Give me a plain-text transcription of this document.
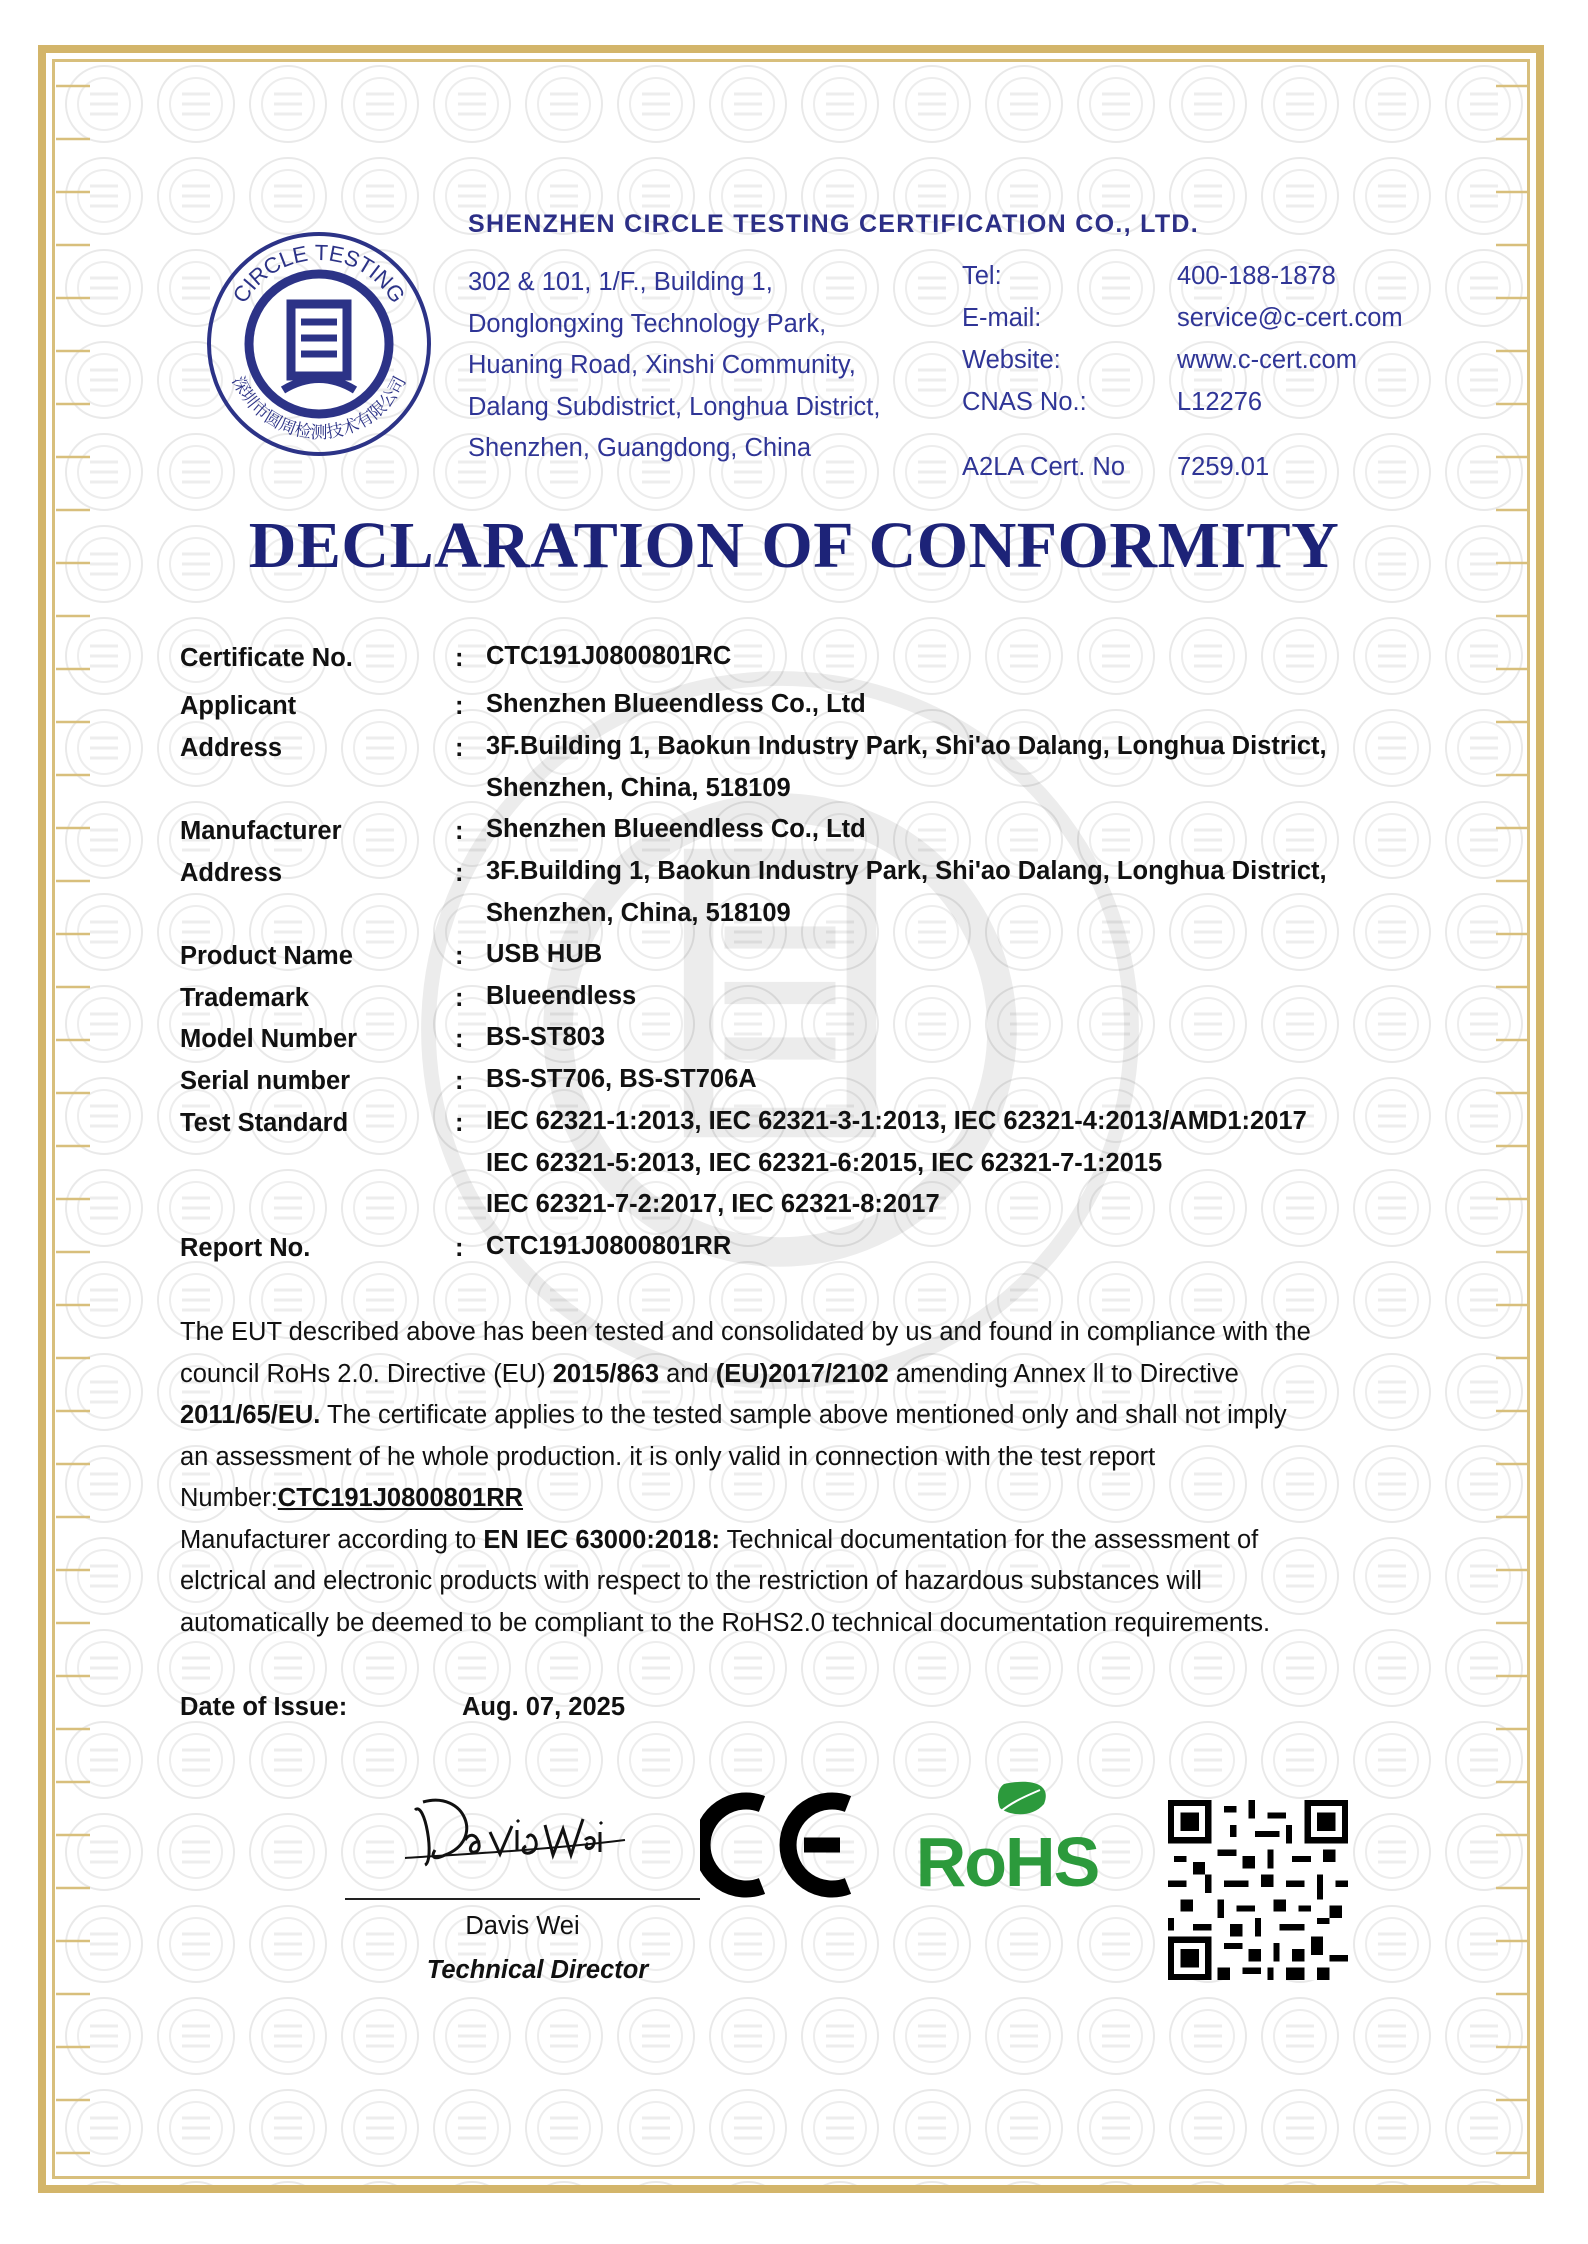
CIRCLE TESTING
深圳市圆周检测技术有限公司
SHENZHEN CIRCLE TESTING CERTIFICATION CO., LTD.
302 & 101, 1/F., Building 1,
Donglongxing Technology Park,
Huaning Road, Xinshi Community,
Dalang Subdistrict, Longhua District,
Shenzhen, Guangdong, China
Tel:	400-188-1878
E-mail:	service@c-cert.com
Website:	www.c-cert.com
CNAS No.:	L12276
A2LA Cert. No 7259.01
DECLARATION OF CONFORMITY
Certificate No.	: CTC191J0800801RC
Applicant	: Shenzhen Blueendless Co., Ltd
Address	: 3F.Building 1, Baokun Industry Park, Shi'ao Dalang, Longhua District,
Shenzhen, China, 518109
Manufacturer	: Shenzhen Blueendless Co., Ltd
Address	: 3F.Building 1, Baokun Industry Park, Shi'ao Dalang, Longhua District,
Shenzhen, China, 518109
Product Name	: USB HUB
Trademark	: Blueendless
Model Number	: BS-ST803
Serial number	: BS-ST706, BS-ST706A
Test Standard	: IEC 62321-1:2013, IEC 62321-3-1:2013, IEC 62321-4:2013/AMD1:2017
IEC 62321-5:2013, IEC 62321-6:2015, IEC 62321-7-1:2015
IEC 62321-7-2:2017, IEC 62321-8:2017
Report No.	: CTC191J0800801RR
The EUT described above has been tested and consolidated by us and found in compliance with the
council RoHs 2.0. Directive (EU) 2015/863 and (EU)2017/2102 amending Annex ll to Directive
2011/65/EU. The certificate applies to the tested sample above mentioned only and shall not imply
an assessment of he whole production. it is only valid in connection with the test report
Number:CTC191J0800801RR
Manufacturer according to EN IEC 63000:2018: Technical documentation for the assessment of
elctrical and electronic products with respect to the restriction of hazardous substances will
automatically be deemed to be compliant to the RoHS2.0 technical documentation requirements.
Date of Issue:	Aug. 07, 2025
Davis Wei
Technical Director
RoHS
